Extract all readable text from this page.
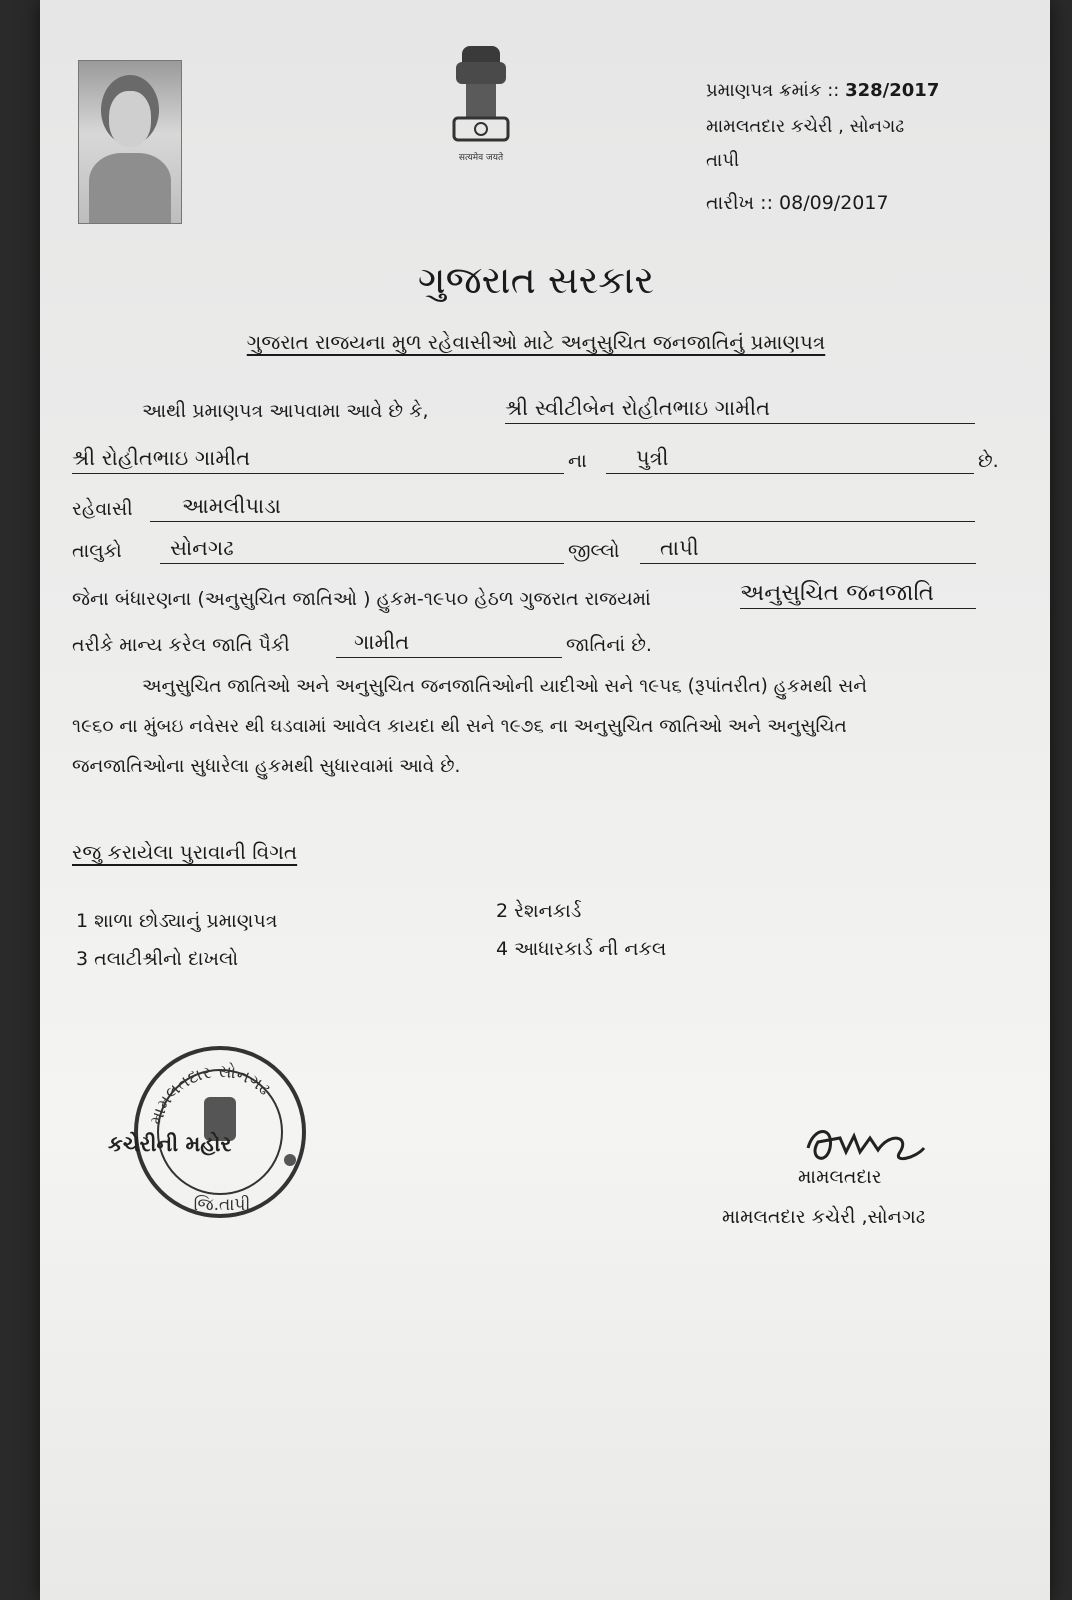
सत्यमेव जयते
પ્રમાણપત્ર ક્રમાંક :: 328/2017
મામલતદાર કચેરી , સોનગઢ
તાપી
તારીખ :: 08/09/2017
ગુજરાત સરકાર
ગુજરાત રાજયના મુળ રહેવાસીઓ માટે અનુસુચિત જનજાતિનું પ્રમાણપત્ર
આથી પ્રમાણપત્ર આપવામા આવે છે કે,	શ્રી સ્વીટીબેન રોહીતભાઇ ગામીત
શ્રી રોહીતભાઇ ગામીત	ના	પુત્રી	છે.
રહેવાસી	આમલીપાડા
તાલુકો	સોનગઢ	જીલ્લો	તાપી
જેના બંધારણના (અનુસુચિત જાતિઓ ) હુકમ-૧૯૫૦ હેઠળ ગુજરાત રાજયમાં	અનુસુચિત જનજાતિ
તરીકે માન્ય કરેલ જાતિ પૈકી	ગામીત	જાતિનાં છે.
અનુસુચિત જાતિઓ અને અનુસુચિત જનજાતિઓની યાદીઓ સને ૧૯૫૬ (રૂપાંતરીત) હુકમથી સને
૧૯૬૦ ના મુંબઇ નવેસર થી ઘડવામાં આવેલ કાયદા થી સને ૧૯૭૬ ના અનુસુચિત જાતિઓ અને અનુસુચિત
જનજાતિઓના સુધારેલા હુકમથી સુધારવામાં આવે છે.
રજુ કરાયેલા પુરાવાની વિગત
1 શાળા છોડ્યાનું પ્રમાણપત્ર	2 રેશનકાર્ડ
3 તલાટીશ્રીનો દાખલો	4 આધારકાર્ડ ની નકલ
મામલતદાર સોનગઢ
જિ.તાપી
કચેરીની મહોર
મામલતદાર
મામલતદાર કચેરી ,સોનગઢ
